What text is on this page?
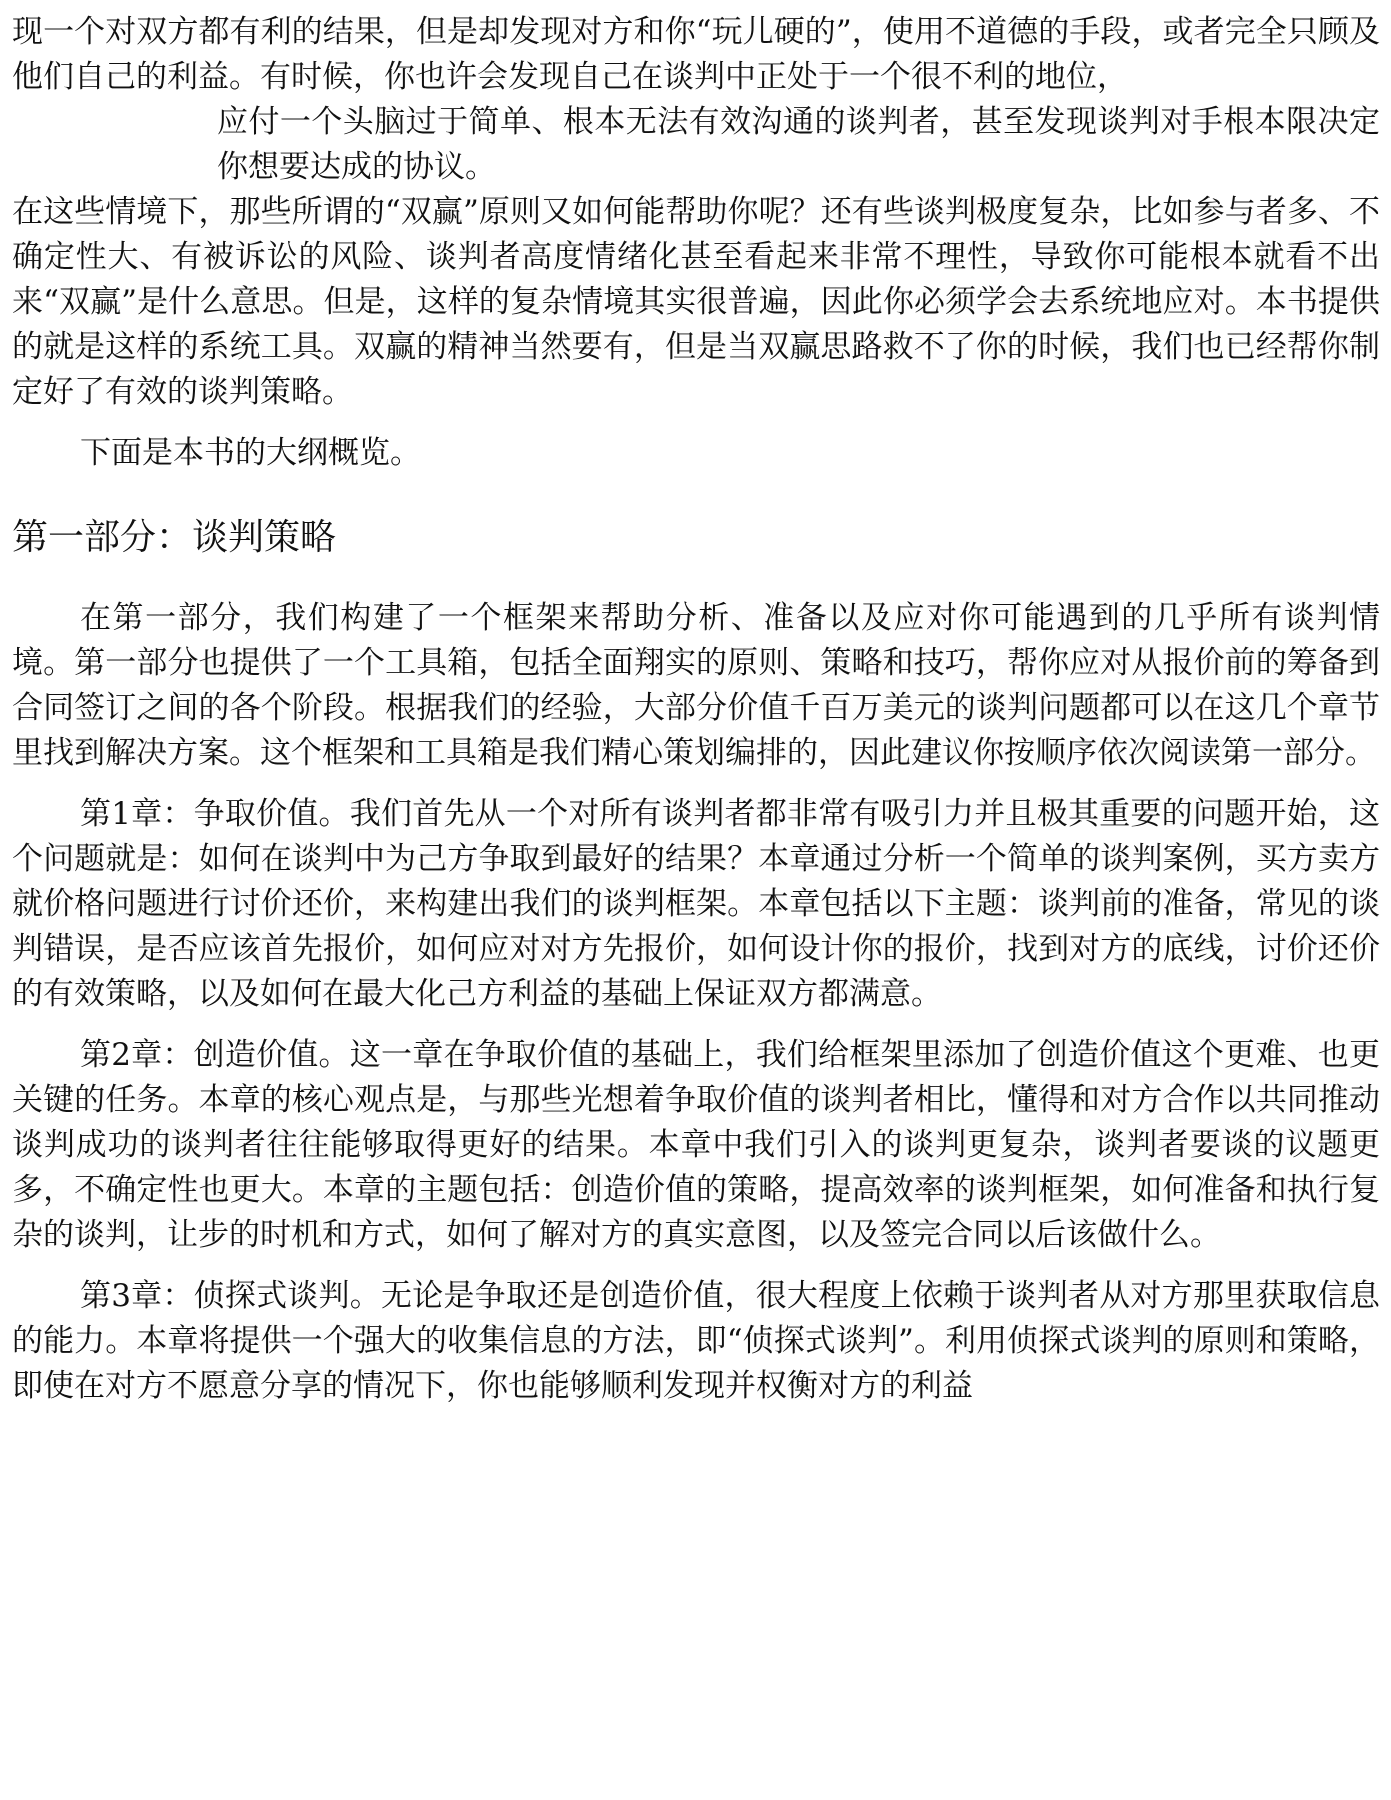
现一个对双方都有利的结果，但是却发现对方和你“玩儿硬的”，使用不道德的手段，或者完全只顾及他们自己的利益。有时候，你也许会发现自己在谈判中正处于一个很不利的地位，
应付一个头脑过于简单、根本无法有效沟通的谈判者，甚至发现谈判对手根本限决定你想要达成的协议。
在这些情境下，那些所谓的“双赢”原则又如何能帮助你呢？还有些谈判极度复杂，比如参与者多、不确定性大、有被诉讼的风险、谈判者高度情绪化甚至看起来非常不理性，导致你可能根本就看不出来“双赢”是什么意思。但是，这样的复杂情境其实很普遍，因此你必须学会去系统地应对。本书提供的就是这样的系统工具。双赢的精神当然要有，但是当双赢思路救不了你的时候，我们也已经帮你制定好了有效的谈判策略。

下面是本书的大纲概览。

第一部分：谈判策略

在第一部分，我们构建了一个框架来帮助分析、准备以及应对你可能遇到的几乎所有谈判情境。第一部分也提供了一个工具箱，包括全面翔实的原则、策略和技巧，帮你应对从报价前的筹备到合同签订之间的各个阶段。根据我们的经验，大部分价值千百万美元的谈判问题都可以在这几个章节里找到解决方案。这个框架和工具箱是我们精心策划编排的，因此建议你按顺序依次阅读第一部分。

第1章：争取价值。我们首先从一个对所有谈判者都非常有吸引力并且极其重要的问题开始，这个问题就是：如何在谈判中为己方争取到最好的结果？本章通过分析一个简单的谈判案例，买方卖方就价格问题进行讨价还价，来构建出我们的谈判框架。本章包括以下主题：谈判前的准备，常见的谈判错误，是否应该首先报价，如何应对对方先报价，如何设计你的报价，找到对方的底线，讨价还价的有效策略，以及如何在最大化己方利益的基础上保证双方都满意。

第2章：创造价值。这一章在争取价值的基础上，我们给框架里添加了创造价值这个更难、也更关键的任务。本章的核心观点是，与那些光想着争取价值的谈判者相比，懂得和对方合作以共同推动谈判成功的谈判者往往能够取得更好的结果。本章中我们引入的谈判更复杂，谈判者要谈的议题更多，不确定性也更大。本章的主题包括：创造价值的策略，提高效率的谈判框架，如何准备和执行复杂的谈判，让步的时机和方式，如何了解对方的真实意图，以及签完合同以后该做什么。

第3章：侦探式谈判。无论是争取还是创造价值，很大程度上依赖于谈判者从对方那里获取信息的能力。本章将提供一个强大的收集信息的方法，即“侦探式谈判”。利用侦探式谈判的原则和策略，即使在对方不愿意分享的情况下，你也能够顺利发现并权衡对方的利益
